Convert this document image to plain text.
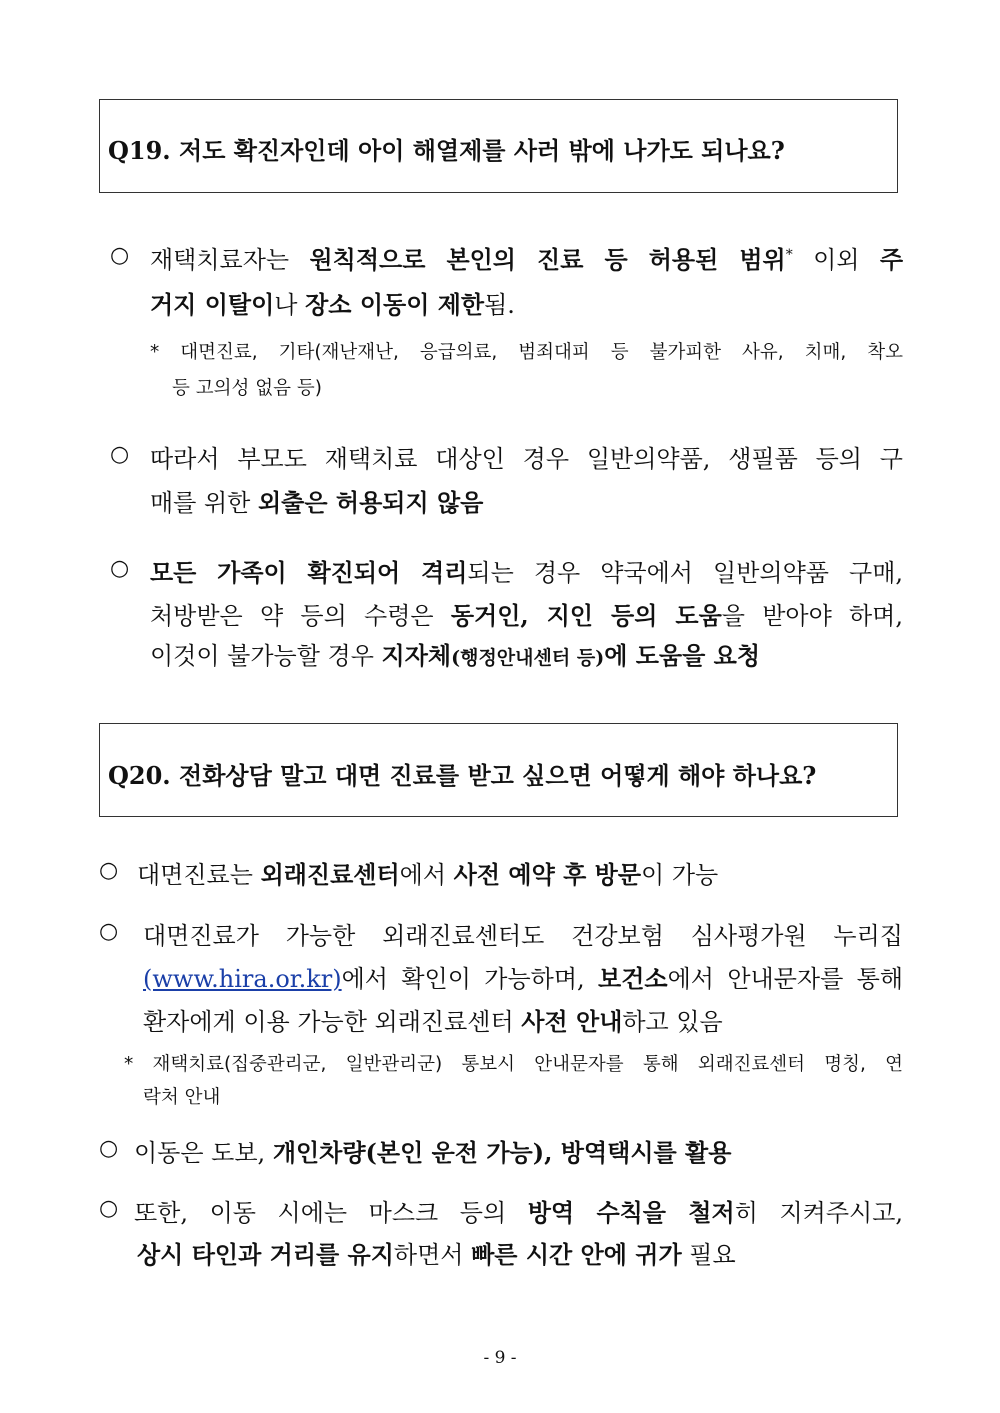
Q19. 저도 확진자인데 아이 해열제를 사러 밖에 나가도 되나요?
○ 재택치료자는 원칙적으로 본인의 진료 등 허용된 범위* 이외 주
거지 이탈이나 장소 이동이 제한됨.
* 대면진료, 기타(재난재난, 응급의료, 범죄대피 등 불가피한 사유, 치매, 착오
등 고의성 없음 등)
○ 따라서 부모도 재택치료 대상인 경우 일반의약품, 생필품 등의 구
매를 위한 외출은 허용되지 않음
○ 모든 가족이 확진되어 격리되는 경우 약국에서 일반의약품 구매,
처방받은 약 등의 수령은 동거인, 지인 등의 도움을 받아야 하며,
이것이 불가능할 경우 지자체(행정안내센터 등)에 도움을 요청
Q20. 전화상담 말고 대면 진료를 받고 싶으면 어떻게 해야 하나요?
○ 대면진료는 외래진료센터에서 사전 예약 후 방문이 가능
○ 대면진료가 가능한 외래진료센터도 건강보험 심사평가원 누리집
(www.hira.or.kr)에서 확인이 가능하며, 보건소에서 안내문자를 통해
환자에게 이용 가능한 외래진료센터 사전 안내하고 있음
* 재택치료(집중관리군, 일반관리군) 통보시 안내문자를 통해 외래진료센터 명칭, 연
락처 안내
○ 이동은 도보, 개인차량(본인 운전 가능), 방역택시를 활용
○ 또한, 이동 시에는 마스크 등의 방역 수칙을 철저히 지켜주시고,
상시 타인과 거리를 유지하면서 빠른 시간 안에 귀가 필요
- 9 -
